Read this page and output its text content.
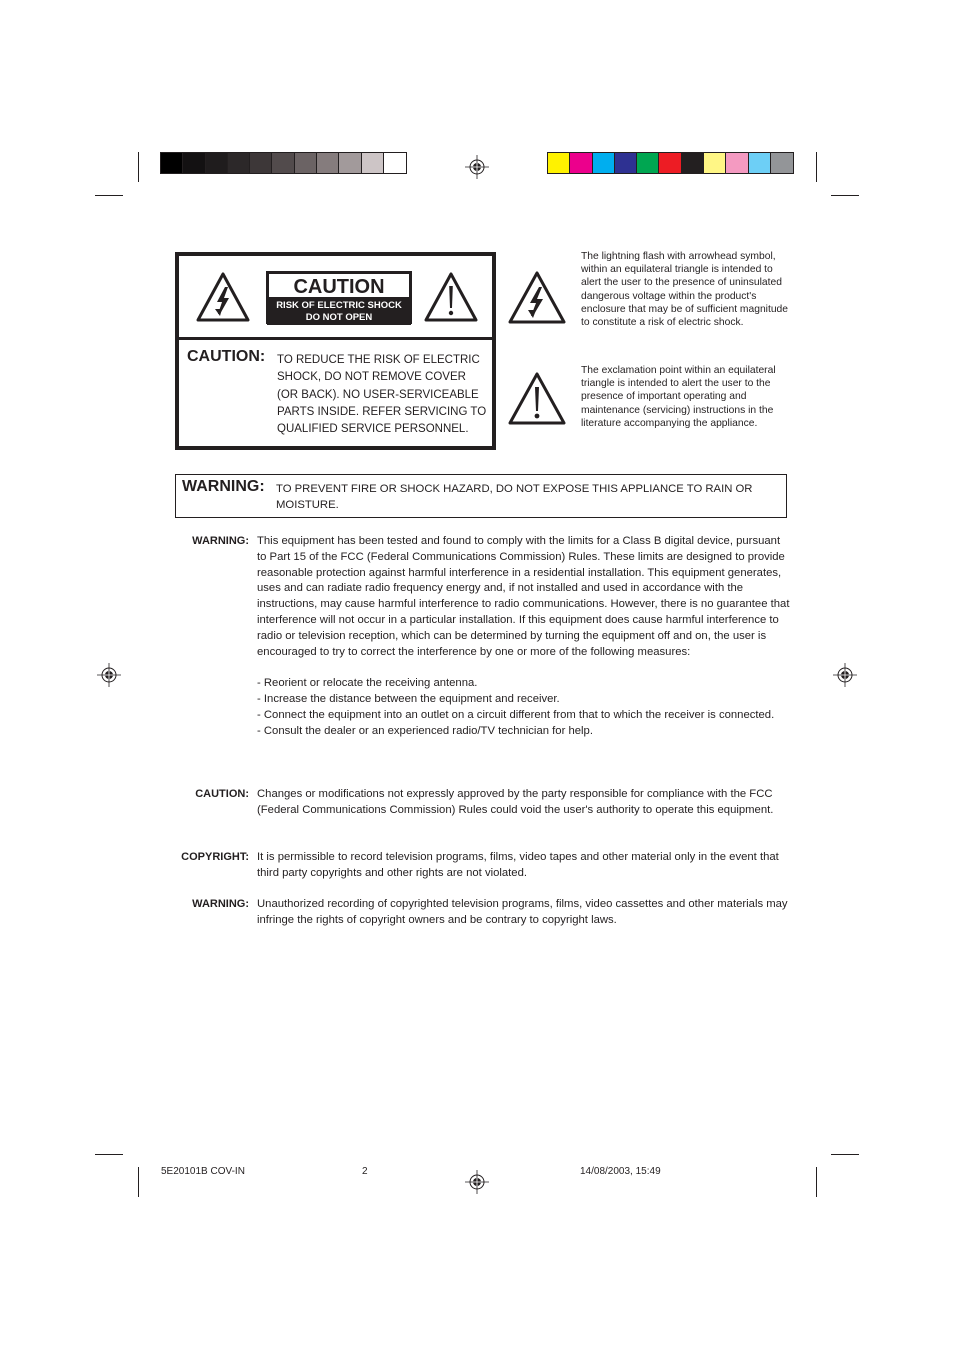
CAUTION
RISK OF ELECTRIC SHOCK
DO NOT OPEN
CAUTION: TO REDUCE THE RISK OF ELECTRIC
SHOCK, DO NOT REMOVE COVER
(OR BACK). NO USER-SERVICEABLE
PARTS INSIDE. REFER SERVICING TO
QUALIFIED SERVICE PERSONNEL.
The lightning flash with arrowhead symbol, within an equilateral triangle is intended to alert the user to the presence of uninsulated dangerous voltage within the product's enclosure that may be of sufficient magnitude to constitute a risk of electric shock.
The exclamation point within an equilateral triangle is intended to alert the user to the presence of important operating and maintenance (servicing) instructions in the literature accompanying the appliance.
WARNING: TO PREVENT FIRE OR SHOCK HAZARD, DO NOT EXPOSE THIS APPLIANCE TO RAIN OR MOISTURE.
WARNING: This equipment has been tested and found to comply with the limits for a Class B digital device, pursuant to Part 15 of the FCC (Federal Communications Commission) Rules. These limits are designed to provide reasonable protection against harmful interference in a residential installation. This equipment generates, uses and can radiate radio frequency energy and, if not installed and used in accordance with the instructions, may cause harmful interference to radio communications. However, there is no guarantee that interference will not occur in a particular installation. If this equipment does cause harmful interference to radio or television reception, which can be determined by turning the equipment off and on, the user is encouraged to try to correct the interference by one or more of the following measures:
- Reorient or relocate the receiving antenna.
- Increase the distance between the equipment and receiver.
- Connect the equipment into an outlet on a circuit different from that to which the receiver is connected.
- Consult the dealer or an experienced radio/TV technician for help.
CAUTION: Changes or modifications not expressly approved by the party responsible for compliance with the FCC (Federal Communications Commission) Rules could void the user's authority to operate this equipment.
COPYRIGHT: It is permissible to record television programs, films, video tapes and other material only in the event that third party copyrights and other rights are not violated.
WARNING: Unauthorized recording of copyrighted television programs, films, video cassettes and other materials may infringe the rights of copyright owners and be contrary to copyright laws.
5E20101B COV-IN	2	14/08/2003, 15:49
